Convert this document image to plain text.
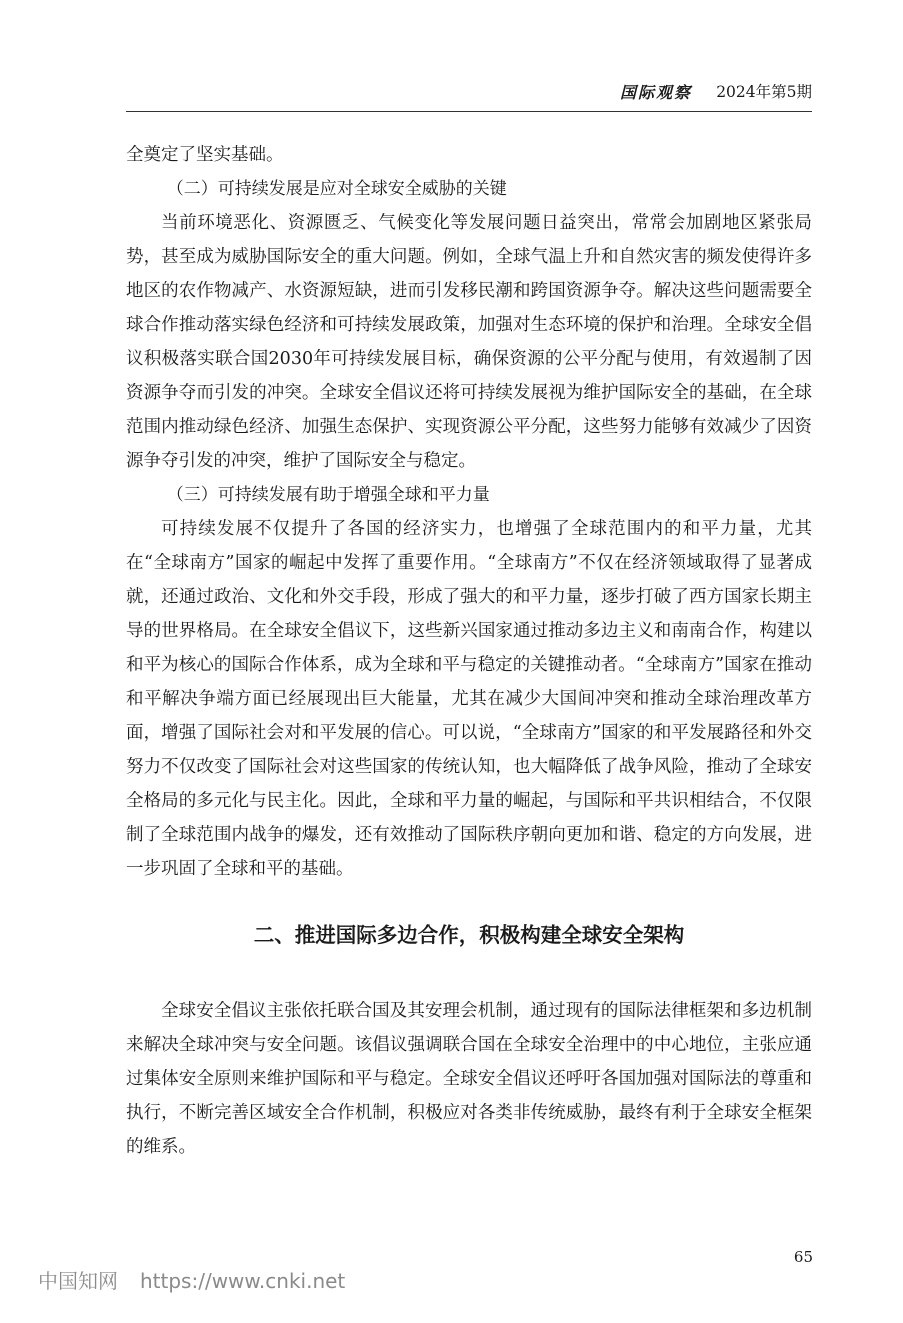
国际观察 2024年第5期

全奠定了坚实基础。

（二）可持续发展是应对全球安全威胁的关键

当前环境恶化、资源匮乏、气候变化等发展问题日益突出，常常会加剧地区紧张局势，甚至成为威胁国际安全的重大问题。例如，全球气温上升和自然灾害的频发使得许多地区的农作物减产、水资源短缺，进而引发移民潮和跨国资源争夺。解决这些问题需要全球合作推动落实绿色经济和可持续发展政策，加强对生态环境的保护和治理。全球安全倡议积极落实联合国2030年可持续发展目标，确保资源的公平分配与使用，有效遏制了因资源争夺而引发的冲突。全球安全倡议还将可持续发展视为维护国际安全的基础，在全球范围内推动绿色经济、加强生态保护、实现资源公平分配，这些努力能够有效减少了因资源争夺引发的冲突，维护了国际安全与稳定。

（三）可持续发展有助于增强全球和平力量

可持续发展不仅提升了各国的经济实力，也增强了全球范围内的和平力量，尤其在“全球南方”国家的崛起中发挥了重要作用。“全球南方”不仅在经济领域取得了显著成就，还通过政治、文化和外交手段，形成了强大的和平力量，逐步打破了西方国家长期主导的世界格局。在全球安全倡议下，这些新兴国家通过推动多边主义和南南合作，构建以和平为核心的国际合作体系，成为全球和平与稳定的关键推动者。“全球南方”国家在推动和平解决争端方面已经展现出巨大能量，尤其在减少大国间冲突和推动全球治理改革方面，增强了国际社会对和平发展的信心。可以说，“全球南方”国家的和平发展路径和外交努力不仅改变了国际社会对这些国家的传统认知，也大幅降低了战争风险，推动了全球安全格局的多元化与民主化。因此，全球和平力量的崛起，与国际和平共识相结合，不仅限制了全球范围内战争的爆发，还有效推动了国际秩序朝向更加和谐、稳定的方向发展，进一步巩固了全球和平的基础。

二、推进国际多边合作，积极构建全球安全架构

全球安全倡议主张依托联合国及其安理会机制，通过现有的国际法律框架和多边机制来解决全球冲突与安全问题。该倡议强调联合国在全球安全治理中的中心地位，主张应通过集体安全原则来维护国际和平与稳定。全球安全倡议还呼吁各国加强对国际法的尊重和执行，不断完善区域安全合作机制，积极应对各类非传统威胁，最终有利于全球安全框架的维系。

65
中国知网 https://www.cnki.net
